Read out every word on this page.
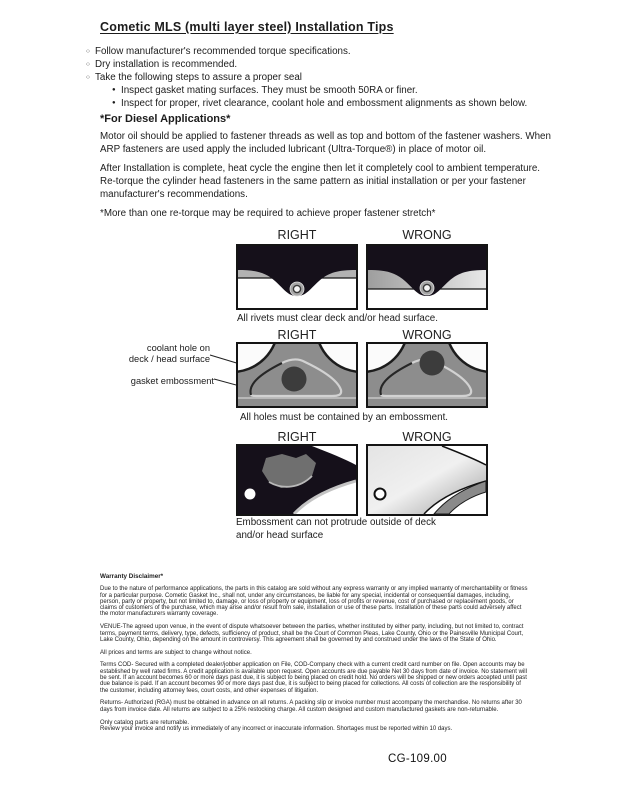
Cometic MLS (multi layer steel) Installation Tips
○ Follow manufacturer's recommended torque specifications.
○ Dry installation is recommended.
○ Take the following steps to assure a proper seal
● Inspect gasket mating surfaces. They must be smooth 50RA or finer.
● Inspect for proper, rivet clearance, coolant hole and embossment alignments as shown below.
*For Diesel Applications*

Motor oil should be applied to fastener threads as well as top and bottom of the fastener washers. When ARP fasteners are used apply the included lubricant (Ultra-Torque®) in place of motor oil.

After Installation is complete, heat cycle the engine then let it completely cool to ambient temperature. Re-torque the cylinder head fasteners in the same pattern as initial installation or per your fastener manufacturer's recommendations.

*More than one re-torque may be required to achieve proper fastener stretch*

RIGHT	WRONG

All rivets must clear deck and/or head surface.

RIGHT	WRONG
coolant hole on
deck / head surface
gasket embossment

All holes must be contained by an embossment.

RIGHT	WRONG

Embossment can not protrude outside of deck and/or head surface

Warranty Disclaimer*

Due to the nature of performance applications, the parts in this catalog are sold without any express warranty or any implied warranty of merchantability or fitness for a particular purpose. Cometic Gasket Inc., shall not, under any circumstances, be liable for any special, incidental or consequential damages, including, person, party or property, but not limited to, damage, or loss of property or equipment, loss of profits or revenue, cost of purchased or replacement goods, or claims of customers of the purchase, which may arise and/or result from sale, installation or use of these parts. Installation of these parts could adversely affect the motor manufacturers warranty coverage.

VENUE-The agreed upon venue, in the event of dispute whatsoever between the parties, whether instituted by either party, including, but not limited to, contract terms, payment terms, delivery, type, defects, sufficiency of product, shall be the Court of Common Pleas, Lake County, Ohio or the Painesville Municipal Court, Lake County, Ohio, depending on the amount in controversy. This agreement shall be governed by and construed under the laws of the State of Ohio.

All prices and terms are subject to change without notice.

Terms COD- Secured with a completed dealer/jobber application on File, COD-Company check with a current credit card number on file. Open accounts may be established by well rated firms. A credit application is available upon request. Open accounts are due payable Net 30 days from date of invoice. No statement will be sent. If an account becomes 60 or more days past due, it is subject to being placed on credit hold. No orders will be shipped or new orders accepted until past due balance is paid. If an account becomes 90 or more days past due, it is subject to being placed for collections. All costs of collection are the responsibility of the customer, including attorney fees, court costs, and other expenses of litigation.

Returns- Authorized (RGA) must be obtained in advance on all returns. A packing slip or invoice number must accompany the merchandise. No returns after 30 days from invoice date. All returns are subject to a 25% restocking charge. All custom designed and custom manufactured gaskets are non-returnable.

Only catalog parts are returnable.

Review your invoice and notify us immediately of any incorrect or inaccurate information. Shortages must be reported within 10 days.

CG-109.00
